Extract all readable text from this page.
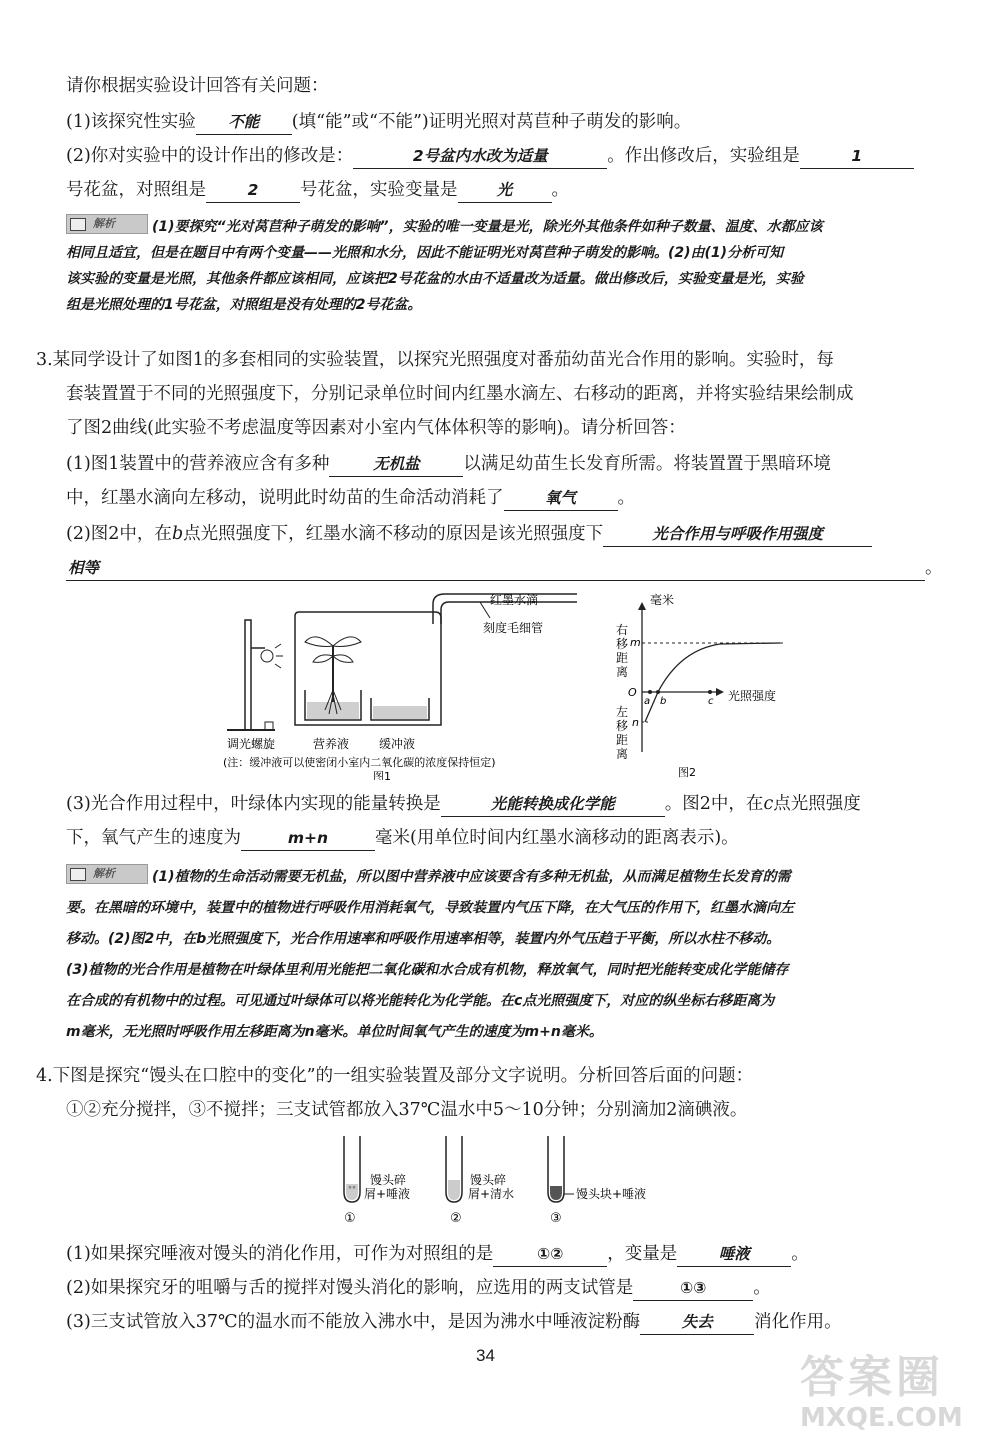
请你根据实验设计回答有关问题：
(1)该探究性实验 不能 (填“能”或“不能”)证明光照对莴苣种子萌发的影响。
(2)你对实验中的设计作出的修改是：	2号盆内水改为适量	。作出修改后，实验组是	1
号花盆，对照组是	2 号花盆，实验变量是	光 。
解析	(1)要探究“光对莴苣种子萌发的影响”，实验的唯一变量是光，除光外其他条件如种子数量、温度、水都应该
相同且适宜，但是在题目中有两个变量——光照和水分，因此不能证明光对莴苣种子萌发的影响。(2)由(1)分析可知
该实验的变量是光照，其他条件都应该相同，应该把2号花盆的水由不适量改为适量。做出修改后，实验变量是光，实验
组是光照处理的1号花盆，对照组是没有处理的2号花盆。
3.某同学设计了如图1的多套相同的实验装置，以探究光照强度对番茄幼苗光合作用的影响。实验时，每
套装置置于不同的光照强度下，分别记录单位时间内红墨水滴左、右移动的距离，并将实验结果绘制成
了图2曲线(此实验不考虑温度等因素对小室内气体体积等的影响)。请分析回答：
(1)图1装置中的营养液应含有多种	无机盐	以满足幼苗生长发育所需。将装置置于黑暗环境
中，红墨水滴向左移动，说明此时幼苗的生命活动消耗了	氧气 。
(2)图2中，在b点光照强度下，红墨水滴不移动的原因是该光照强度下	光合作用与呼吸作用强度
相等	。
红墨水滴
刻度毛细管
调光螺旋	营养液 缓冲液
(注：缓冲液可以使密闭小室内二氧化碳的浓度保持恒定)
图1
毫米
右
移
距
离
左
移
距
离
O
m
n
a b	c 光照强度
图2
(3)光合作用过程中，叶绿体内实现的能量转换是	光能转换成化学能	。图2中，在c点光照强度
下，氧气产生的速度为	m+n	毫米(用单位时间内红墨水滴移动的距离表示)。
解析	(1)植物的生命活动需要无机盐，所以图中营养液中应该要含有多种无机盐，从而满足植物生长发育的需
要。在黑暗的环境中，装置中的植物进行呼吸作用消耗氧气，导致装置内气压下降，在大气压的作用下，红墨水滴向左
移动。(2)图2中，在b光照强度下，光合作用速率和呼吸作用速率相等，装置内外气压趋于平衡，所以水柱不移动。
(3)植物的光合作用是植物在叶绿体里利用光能把二氧化碳和水合成有机物，释放氧气，同时把光能转变成化学能储存
在合成的有机物中的过程。可见通过叶绿体可以将光能转化为化学能。在c点光照强度下，对应的纵坐标右移距离为
m毫米，无光照时呼吸作用左移距离为n毫米。单位时间氧气产生的速度为m+n毫米。
4.下图是探究“馒头在口腔中的变化”的一组实验装置及部分文字说明。分析回答后面的问题：
①②充分搅拌，③不搅拌；三支试管都放入37℃温水中5～10分钟；分别滴加2滴碘液。
°°
馒头碎
屑+唾液
①
馒头碎
屑+清水
②
馒头块+唾液
③
(1)如果探究唾液对馒头的消化作用，可作为对照组的是	①②	，变量是	唾液 。
(2)如果探究牙的咀嚼与舌的搅拌对馒头消化的影响，应选用的两支试管是	①③	。
(3)三支试管放入37℃的温水而不能放入沸水中，是因为沸水中唾液淀粉酶	失去 消化作用。
34	答案圈
MXQE.COM
